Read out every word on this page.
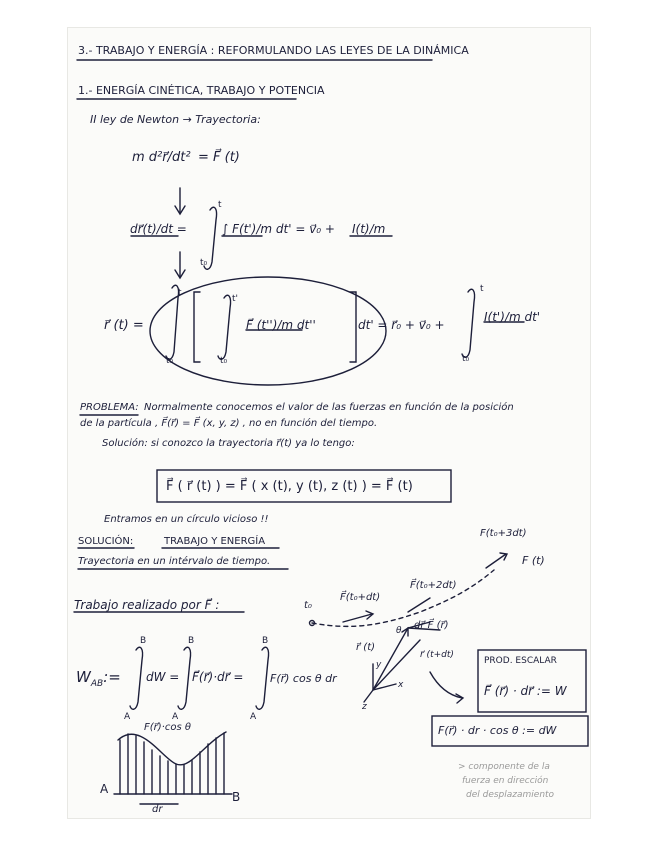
3.- TRABAJO Y ENERGÍA : REFORMULANDO LAS LEYES DE LA DINÁMICA
1.- ENERGÍA CINÉTICA, TRABAJO Y POTENCIA
II ley de Newton → Trayectoria:
m d²r⃗/dt² = F⃗ (t)
dr⃗(t)/dt =
t
t₀
∫ F(t')/m dt' = v⃗₀ + I(t)/m
r⃗ (t) =
t
t'
t₀	t₀
F⃗ (t'')/m dt''	dt' = r⃗₀ + v⃗₀ +
I(t')/m dt'
t
t₀
PROBLEMA: Normalmente conocemos el valor de las fuerzas en función de la posición
de la partícula , F⃗(r⃗) = F⃗ (x, y, z) , no en función del tiempo.
Solución: si conozco la trayectoria r⃗(t) ya lo tengo:
F⃗ ( r⃗ (t) ) = F⃗ ( x (t), y (t), z (t) ) = F⃗ (t)
Entramos en un círculo vicioso !!
SOLUCIÓN:	TRABAJO Y ENERGÍA
Trayectoria en un intérvalo de tiempo.
Trabajo realizado por F⃗ :
$W_{AB}:=$
B
A
dW =
B
A
F⃗(r⃗)·dr⃗ =
B
A
F(r⃗) cos θ dr
t₀
F⃗(t₀+dt)
F⃗(t₀+2dt)
F(t₀+3dt)
F (t)
dr⃗ F⃗ (r⃗)
r⃗ (t)
r⃗ (t+dt)
θ
y
x
z
PROD. ESCALAR
F⃗ (r⃗) · dr⃗ := W
F(r⃗) · dr · cos θ := dW
> componente de la
fuerza en dirección
del desplazamiento
F(r⃗)·cos θ
A
B
dr
